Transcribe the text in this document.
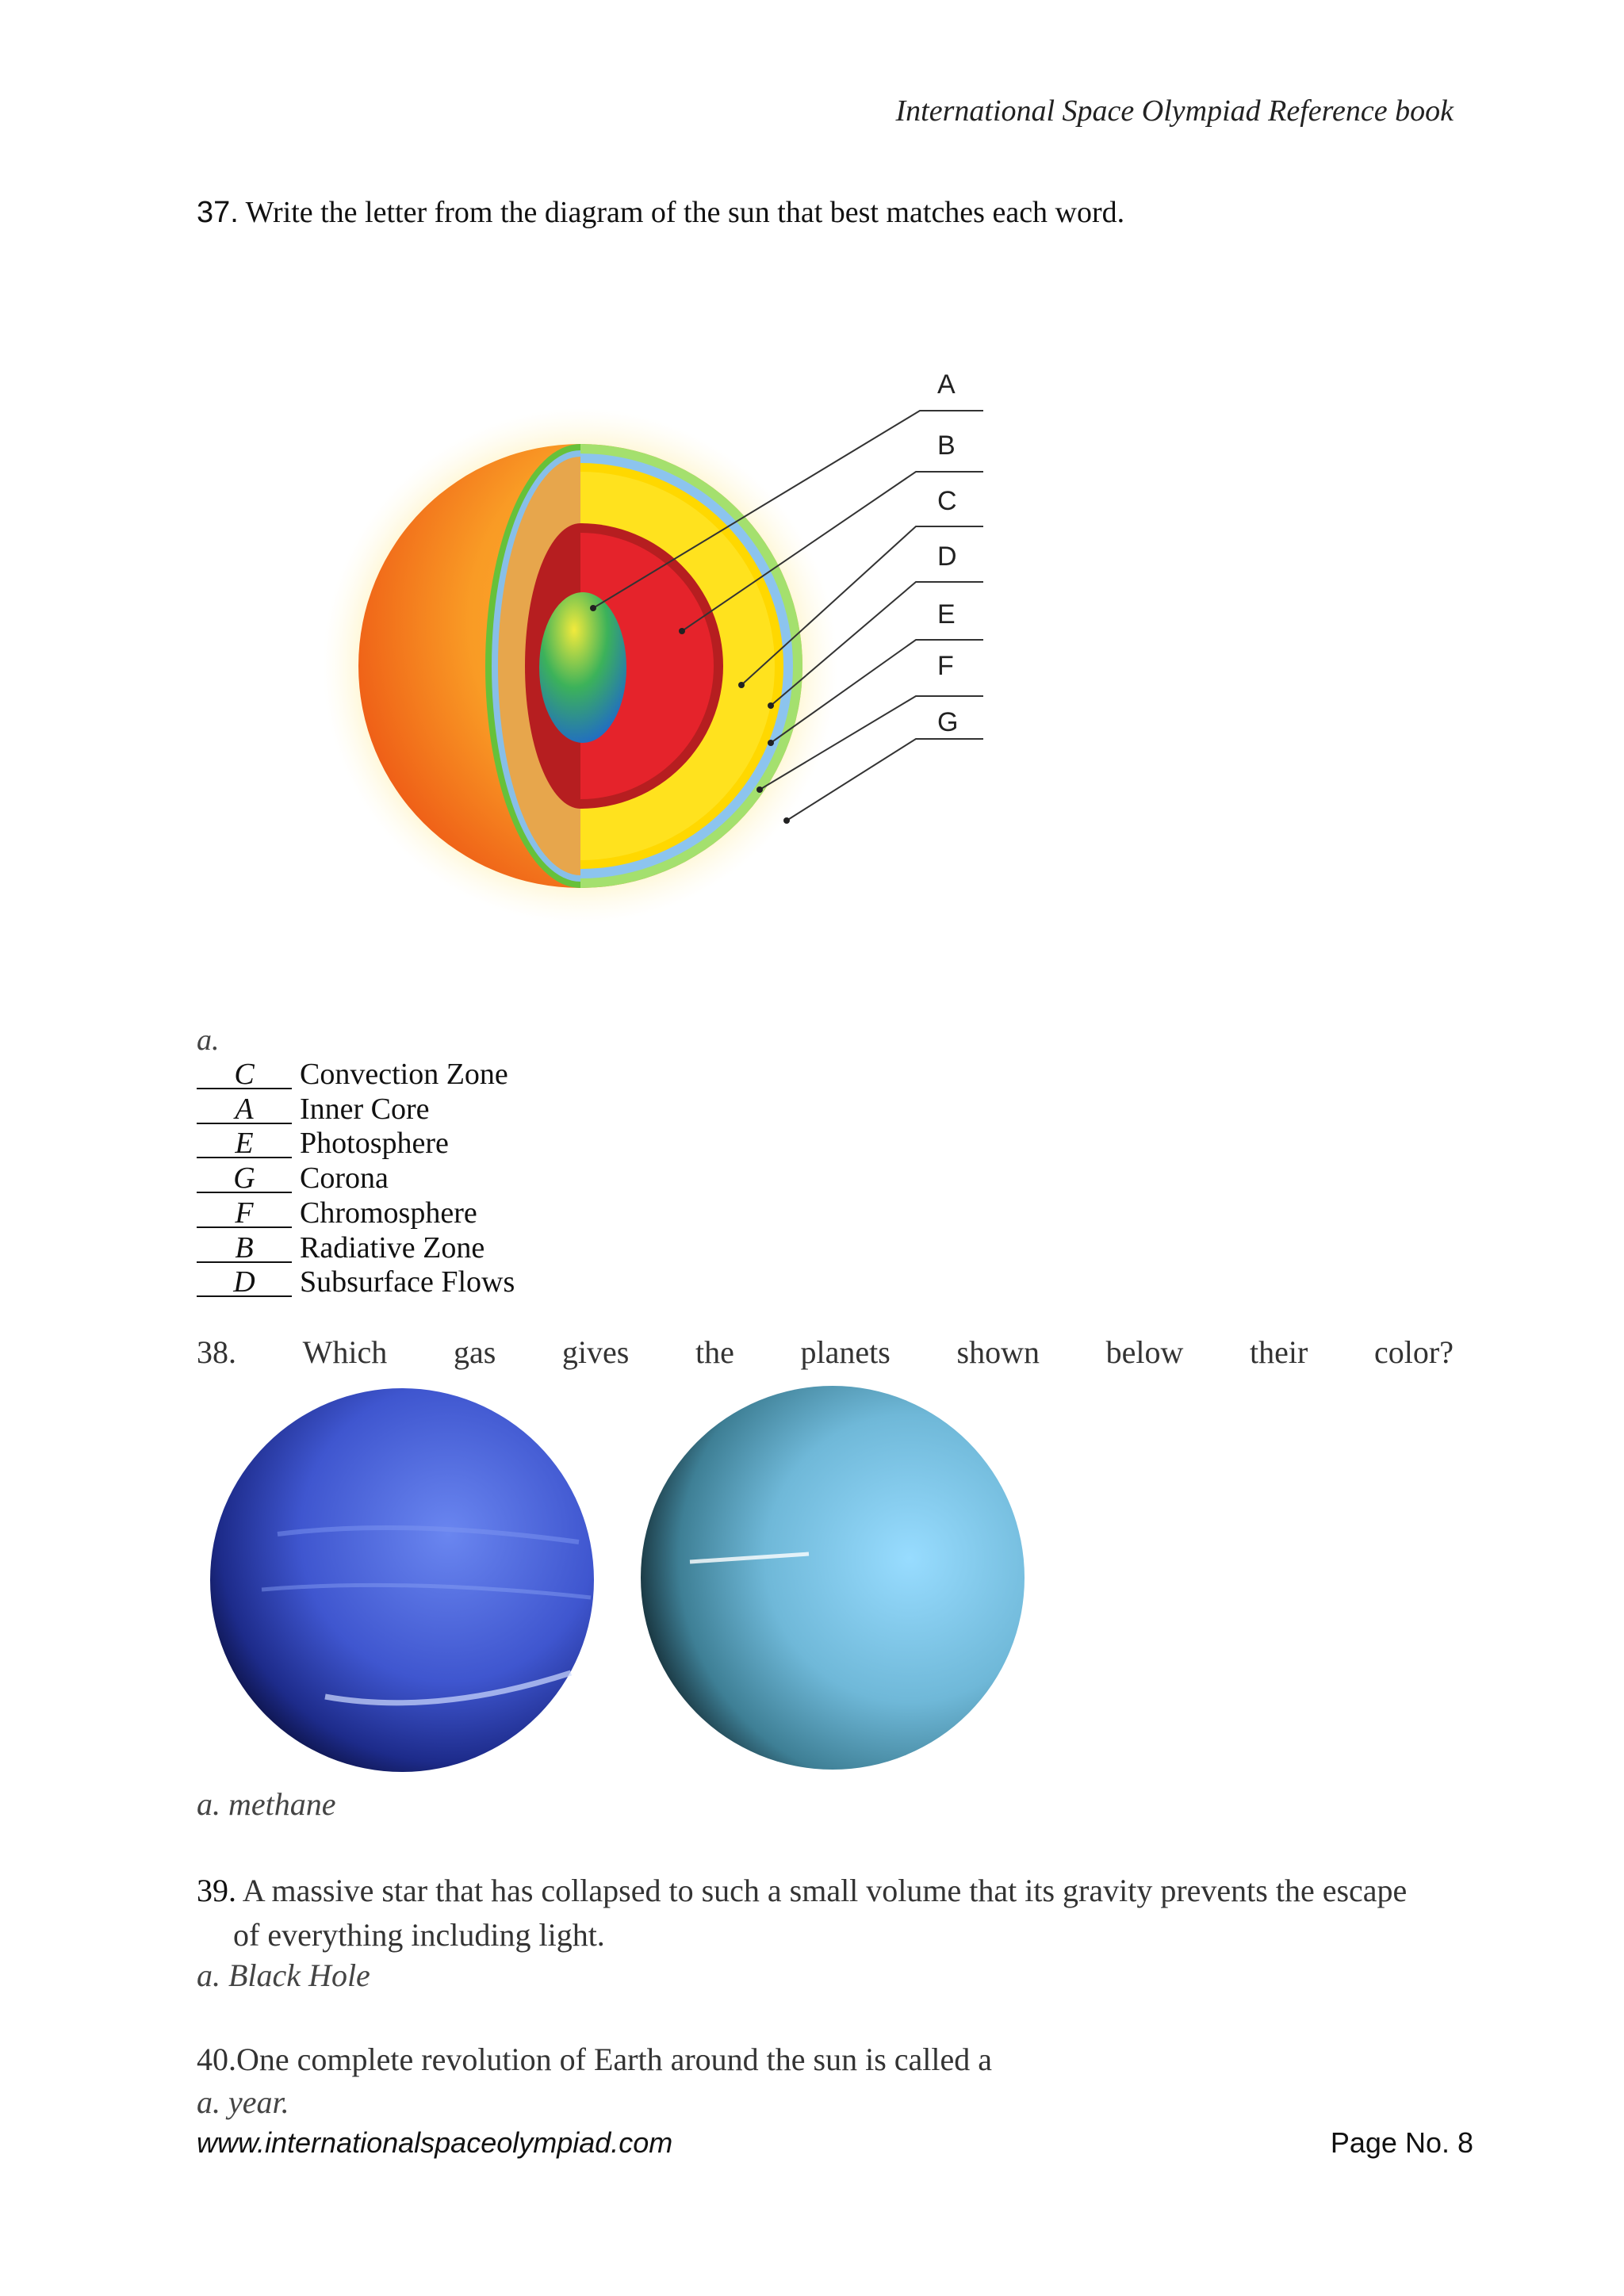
International Space Olympiad Reference book
37. Write the letter from the diagram of the sun that best matches each word.
A
B
C
D
E
F
G
a.
C Convection Zone
A Inner Core
E Photosphere
G Corona
F Chromosphere
B Radiative Zone
D Subsurface Flows
38. Which gas gives the planets shown below their color?
a. methane
39. A massive star that has collapsed to such a small volume that its gravity prevents the escape
of everything including light.
a. Black Hole
40.One complete revolution of Earth around the sun is called a
a. year.
www.internationalspaceolympiad.com	Page No. 8
